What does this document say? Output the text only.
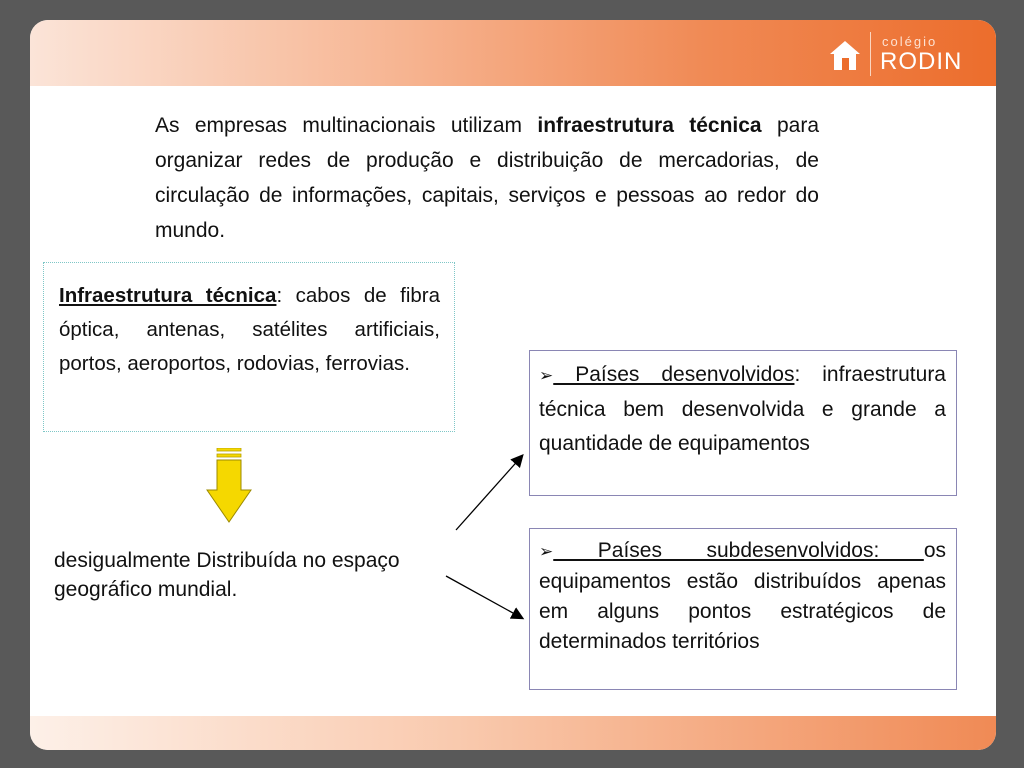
colégio
RODIN
As empresas multinacionais utilizam infraestrutura técnica para organizar redes de produção e distribuição de mercadorias, de circulação de informações, capitais, serviços e pessoas ao redor do mundo.
Infraestrutura técnica: cabos de fibra óptica, antenas, satélites artificiais, portos, aeroportos, rodovias, ferrovias.
desigualmente Distribuída no espaço geográfico mundial.
➢ Países desenvolvidos: infraestrutura técnica bem desenvolvida e grande a quantidade de equipamentos
➢ Países subdesenvolvidos: os equipamentos estão distribuídos apenas em alguns pontos estratégicos de determinados territórios
